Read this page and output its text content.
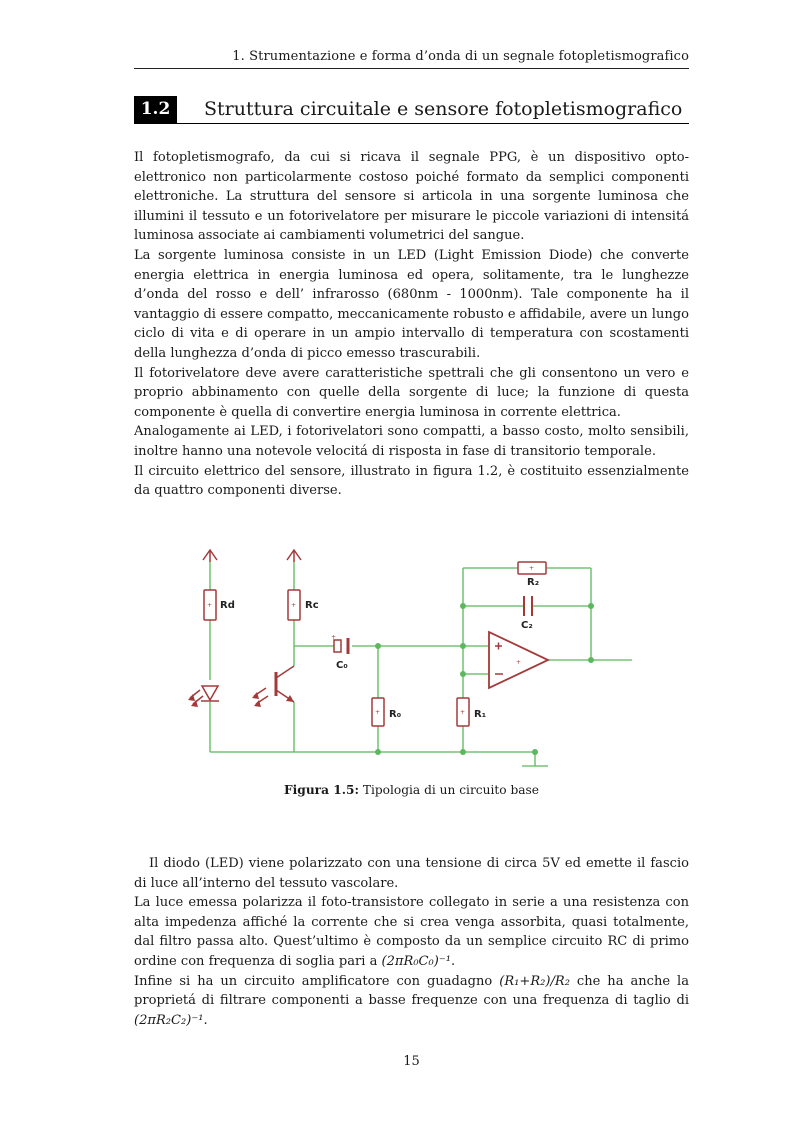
1. Strumentazione e forma d’onda di un segnale fotopletismografico
1.2	Struttura circuitale e sensore fotopletismografico

Il fotopletismografo, da cui si ricava il segnale PPG, è un dispositivo opto-elettronico non particolarmente costoso poiché formato da semplici componenti elettroniche. La struttura del sensore si articola in una sorgente luminosa che illumini il tessuto e un fotorivelatore per misurare le piccole variazioni di intensitá luminosa associate ai cambiamenti volumetrici del sangue.

La sorgente luminosa consiste in un LED (Light Emission Diode) che converte energia elettrica in energia luminosa ed opera, solitamente, tra le lunghezze d’onda del rosso e dell’ infrarosso (680nm - 1000nm). Tale componente ha il vantaggio di essere compatto, meccanicamente robusto e affidabile, avere un lungo ciclo di vita e di operare in un ampio intervallo di temperatura con scostamenti della lunghezza d’onda di picco emesso trascurabili.

Il fotorivelatore deve avere caratteristiche spettrali che gli consentono un vero e proprio abbinamento con quelle della sorgente di luce; la funzione di questa componente è quella di convertire energia luminosa in corrente elettrica.

Analogamente ai LED, i fotorivelatori sono compatti, a basso costo, molto sensibili, inoltre hanno una notevole velocitá di risposta in fase di transitorio temporale.

Il circuito elettrico del sensore, illustrato in figura 1.2, è costituito essenzialmente da quattro componenti diverse.

+	+
+	+
+
+
+
Rd	Rc
C₀
R₀	R₁
R₂
C₂
Figura 1.5: Tipologia di un circuito base

Il diodo (LED) viene polarizzato con una tensione di circa 5V ed emette il fascio di luce all’interno del tessuto vascolare.

La luce emessa polarizza il foto-transistore collegato in serie a una resistenza con alta impedenza affiché la corrente che si crea venga assorbita, quasi totalmente, dal filtro passa alto. Quest’ultimo è composto da un semplice circuito RC di primo ordine con frequenza di soglia pari a (2πR₀C₀)⁻¹.

Infine si ha un circuito amplificatore con guadagno (R₁+R₂)/R₂ che ha anche la proprietá di filtrare componenti a basse frequenze con una frequenza di taglio di (2πR₂C₂)⁻¹.

15
